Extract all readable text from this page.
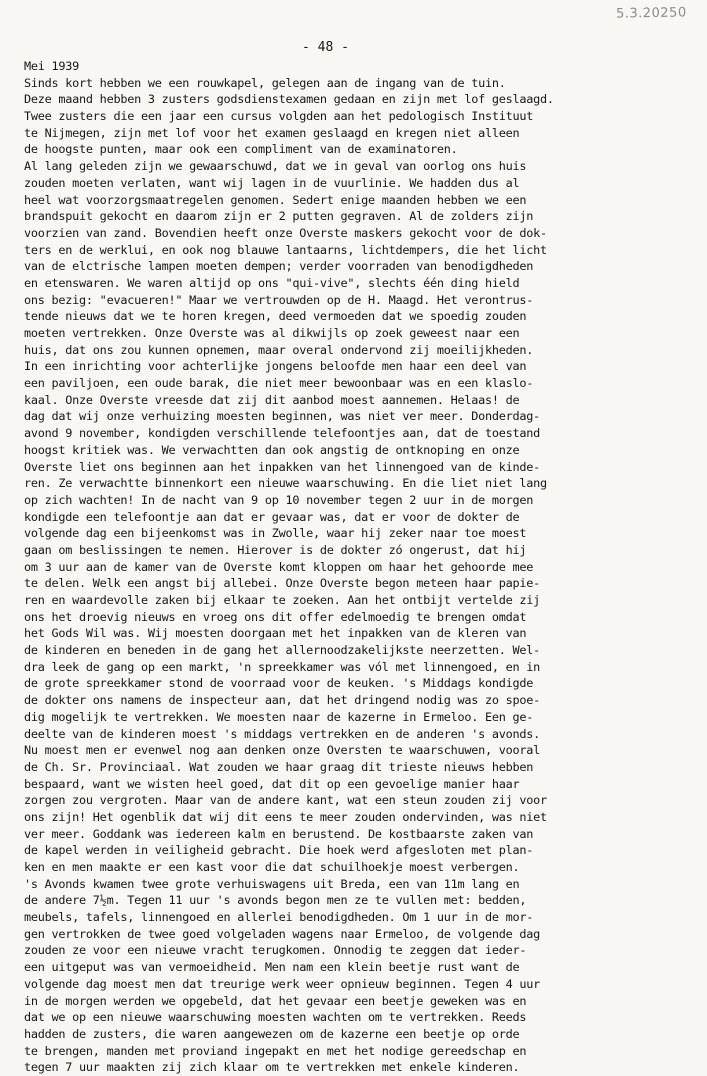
5.3.20250
- 48 -
Mei 1939
Sinds kort hebben we een rouwkapel, gelegen aan de ingang van de tuin.
Deze maand hebben 3 zusters godsdienstexamen gedaan en zijn met lof geslaagd.
Twee zusters die een jaar een cursus volgden aan het pedologisch Instituut
te Nijmegen, zijn met lof voor het examen geslaagd en kregen niet alleen
de hoogste punten, maar ook een compliment van de examinatoren.
Al lang geleden zijn we gewaarschuwd, dat we in geval van oorlog ons huis
zouden moeten verlaten, want wij lagen in de vuurlinie. We hadden dus al
heel wat voorzorgsmaatregelen genomen. Sedert enige maanden hebben we een
brandspuit gekocht en daarom zijn er 2 putten gegraven. Al de zolders zijn
voorzien van zand. Bovendien heeft onze Overste maskers gekocht voor de dok-
ters en de werklui, en ook nog blauwe lantaarns, lichtdempers, die het licht
van de elctrische lampen moeten dempen; verder voorraden van benodigdheden
en etenswaren. We waren altijd op ons "qui-vive", slechts één ding hield
ons bezig: "evacueren!" Maar we vertrouwden op de H. Maagd. Het verontrus-
tende nieuws dat we te horen kregen, deed vermoeden dat we spoedig zouden
moeten vertrekken. Onze Overste was al dikwijls op zoek geweest naar een
huis, dat ons zou kunnen opnemen, maar overal ondervond zij moeilijkheden.
In een inrichting voor achterlijke jongens beloofde men haar een deel van
een paviljoen, een oude barak, die niet meer bewoonbaar was en een klaslo-
kaal. Onze Overste vreesde dat zij dit aanbod moest aannemen. Helaas! de
dag dat wij onze verhuizing moesten beginnen, was niet ver meer. Donderdag-
avond 9 november, kondigden verschillende telefoontjes aan, dat de toestand
hoogst kritiek was. We verwachtten dan ook angstig de ontknoping en onze
Overste liet ons beginnen aan het inpakken van het linnengoed van de kinde-
ren. Ze verwachtte binnenkort een nieuwe waarschuwing. En die liet niet lang
op zich wachten! In de nacht van 9 op 10 november tegen 2 uur in de morgen
kondigde een telefoontje aan dat er gevaar was, dat er voor de dokter de
volgende dag een bijeenkomst was in Zwolle, waar hij zeker naar toe moest
gaan om beslissingen te nemen. Hierover is de dokter zó ongerust, dat hij
om 3 uur aan de kamer van de Overste komt kloppen om haar het gehoorde mee
te delen. Welk een angst bij allebei. Onze Overste begon meteen haar papie-
ren en waardevolle zaken bij elkaar te zoeken. Aan het ontbijt vertelde zij
ons het droevig nieuws en vroeg ons dit offer edelmoedig te brengen omdat
het Gods Wil was. Wij moesten doorgaan met het inpakken van de kleren van
de kinderen en beneden in de gang het allernoodzakelijkste neerzetten. Wel-
dra leek de gang op een markt, 'n spreekkamer was vól met linnengoed, en in
de grote spreekkamer stond de voorraad voor de keuken. 's Middags kondigde
de dokter ons namens de inspecteur aan, dat het dringend nodig was zo spoe-
dig mogelijk te vertrekken. We moesten naar de kazerne in Ermeloo. Een ge-
deelte van de kinderen moest 's middags vertrekken en de anderen 's avonds.
Nu moest men er evenwel nog aan denken onze Oversten te waarschuwen, vooral
de Ch. Sr. Provinciaal. Wat zouden we haar graag dit trieste nieuws hebben
bespaard, want we wisten heel goed, dat dit op een gevoelige manier haar
zorgen zou vergroten. Maar van de andere kant, wat een steun zouden zij voor
ons zijn! Het ogenblik dat wij dit eens te meer zouden ondervinden, was niet
ver meer. Goddank was iedereen kalm en berustend. De kostbaarste zaken van
de kapel werden in veiligheid gebracht. Die hoek werd afgesloten met plan-
ken en men maakte er een kast voor die dat schuilhoekje moest verbergen.
's Avonds kwamen twee grote verhuiswagens uit Breda, een van 11m lang en
de andere 7½m. Tegen 11 uur 's avonds begon men ze te vullen met: bedden,
meubels, tafels, linnengoed en allerlei benodigdheden. Om 1 uur in de mor-
gen vertrokken de twee goed volgeladen wagens naar Ermeloo, de volgende dag
zouden ze voor een nieuwe vracht terugkomen. Onnodig te zeggen dat ieder-
een uitgeput was van vermoeidheid. Men nam een klein beetje rust want de
volgende dag moest men dat treurige werk weer opnieuw beginnen. Tegen 4 uur
in de morgen werden we opgebeld, dat het gevaar een beetje geweken was en
dat we op een nieuwe waarschuwing moesten wachten om te vertrekken. Reeds
hadden de zusters, die waren aangewezen om de kazerne een beetje op orde
te brengen, manden met proviand ingepakt en met het nodige gereedschap en
tegen 7 uur maakten zij zich klaar om te vertrekken met enkele kinderen.
